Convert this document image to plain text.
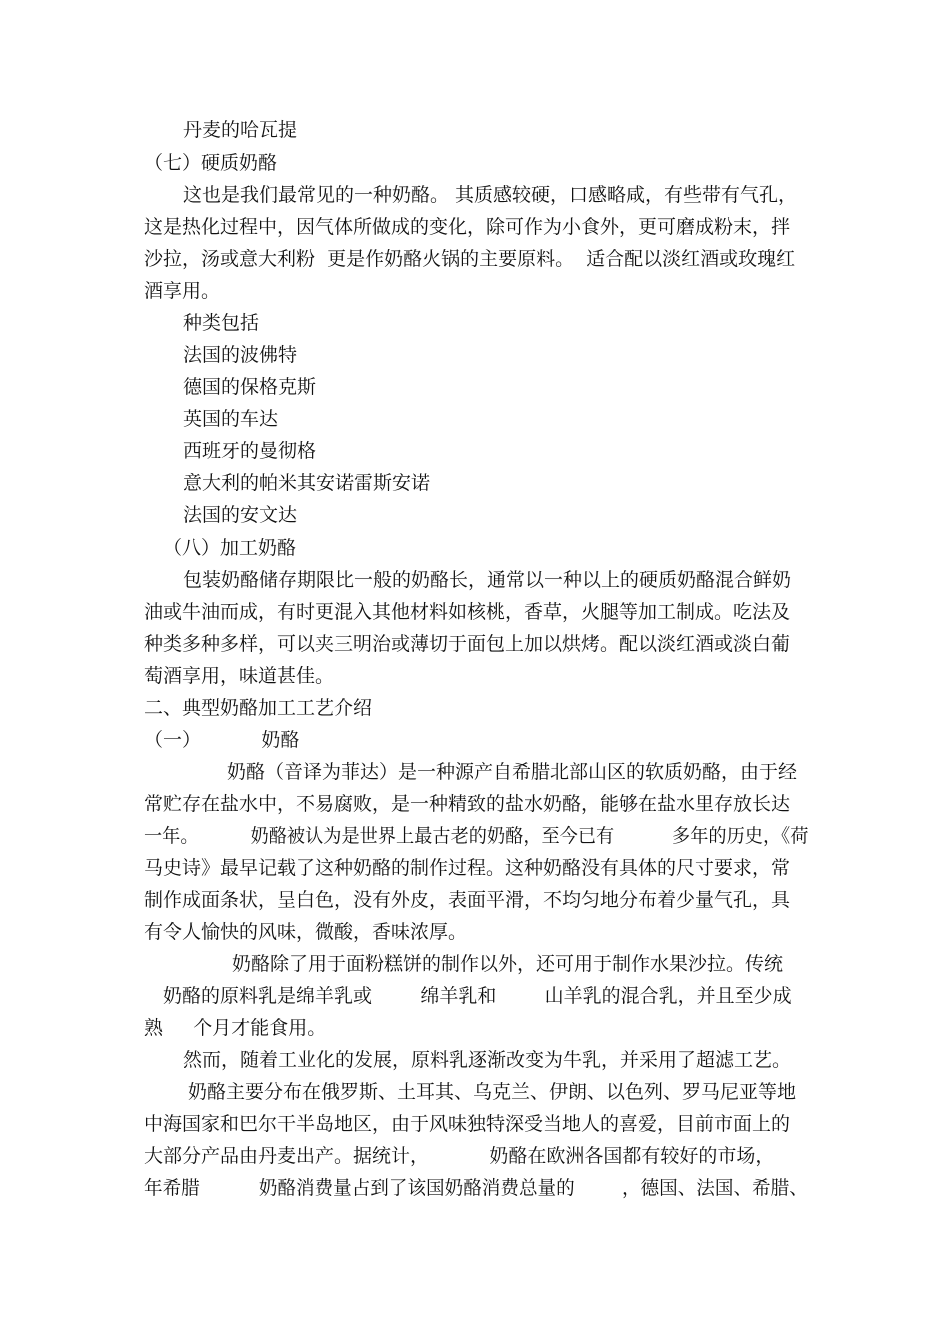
丹麦的哈瓦提
（七）硬质奶酪
这也是我们最常见的一种奶酪。 其质感较硬，口感略咸，有些带有气孔，
这是热化过程中，因气体所做成的变化，除可作为小食外，更可磨成粉末，拌
沙拉，汤或意大利粉  更是作奶酪火锅的主要原料。  适合配以淡红酒或玫瑰红
酒享用。
种类包括
法国的波佛特
德国的保格克斯
英国的车达
西班牙的曼彻格
意大利的帕米其安诺雷斯安诺
法国的安文达
（八）加工奶酪
包装奶酪储存期限比一般的奶酪长，通常以一种以上的硬质奶酪混合鲜奶
油或牛油而成，有时更混入其他材料如核桃，香草，火腿等加工制成。吃法及
种类多种多样，可以夹三明治或薄切于面包上加以烘烤。配以淡红酒或淡白葡
萄酒享用，味道甚佳。
二、典型奶酪加工工艺介绍
（一）          奶酪
奶酪（音译为菲达）是一种源产自希腊北部山区的软质奶酪，由于经
常贮存在盐水中，不易腐败，是一种精致的盐水奶酪，能够在盐水里存放长达
一年。         奶酪被认为是世界上最古老的奶酪，至今已有          多年的历史，《荷
马史诗》最早记载了这种奶酪的制作过程。这种奶酪没有具体的尺寸要求，常
制作成面条状，呈白色，没有外皮，表面平滑，不均匀地分布着少量气孔，具
有令人愉快的风味，微酸，香味浓厚。
奶酪除了用于面粉糕饼的制作以外，还可用于制作水果沙拉。传统
奶酪的原料乳是绵羊乳或        绵羊乳和        山羊乳的混合乳，并且至少成
熟     个月才能食用。
然而，随着工业化的发展，原料乳逐渐改变为牛乳，并采用了超滤工艺。
奶酪主要分布在俄罗斯、土耳其、乌克兰、伊朗、以色列、罗马尼亚等地
中海国家和巴尔干半岛地区，由于风味独特深受当地人的喜爱，目前市面上的
大部分产品由丹麦出产。据统计，          奶酪在欧洲各国都有较好的市场，
年希腊          奶酪消费量占到了该国奶酪消费总量的        ，德国、法国、希腊、
